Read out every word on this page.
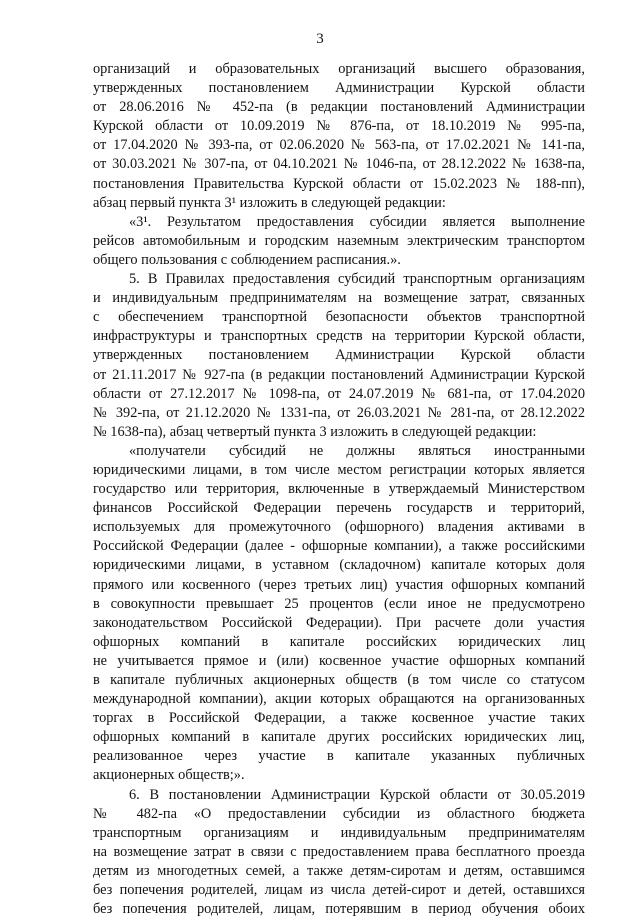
3

организаций и образовательных организаций высшего образования,
утвержденных постановлением Администрации Курской области
от 28.06.2016 № 452-па (в редакции постановлений Администрации
Курской области от 10.09.2019 № 876-па, от 18.10.2019 № 995-па,
от 17.04.2020 № 393-па, от 02.06.2020 № 563-па, от 17.02.2021 № 141-па,
от 30.03.2021 № 307-па, от 04.10.2021 № 1046-па, от 28.12.2022 № 1638-па,
постановления Правительства Курской области от 15.02.2023 № 188-пп),
абзац первый пункта 3¹ изложить в следующей редакции:

«3¹. Результатом предоставления субсидии является выполнение
рейсов автомобильным и городским наземным электрическим транспортом
общего пользования с соблюдением расписания.».

5. В Правилах предоставления субсидий транспортным организациям
и индивидуальным предпринимателям на возмещение затрат, связанных
с обеспечением транспортной безопасности объектов транспортной
инфраструктуры и транспортных средств на территории Курской области,
утвержденных постановлением Администрации Курской области
от 21.11.2017 № 927-па (в редакции постановлений Администрации Курской
области от 27.12.2017 № 1098-па, от 24.07.2019 № 681-па, от 17.04.2020
№ 392-па, от 21.12.2020 № 1331-па, от 26.03.2021 № 281-па, от 28.12.2022
№ 1638-па), абзац четвертый пункта 3 изложить в следующей редакции:

«получатели субсидий не должны являться иностранными
юридическими лицами, в том числе местом регистрации которых является
государство или территория, включенные в утверждаемый Министерством
финансов Российской Федерации перечень государств и территорий,
используемых для промежуточного (офшорного) владения активами в
Российской Федерации (далее - офшорные компании), а также российскими
юридическими лицами, в уставном (складочном) капитале которых доля
прямого или косвенного (через третьих лиц) участия офшорных компаний
в совокупности превышает 25 процентов (если иное не предусмотрено
законодательством Российской Федерации). При расчете доли участия
офшорных компаний в капитале российских юридических лиц
не учитывается прямое и (или) косвенное участие офшорных компаний
в капитале публичных акционерных обществ (в том числе со статусом
международной компании), акции которых обращаются на организованных
торгах в Российской Федерации, а также косвенное участие таких
офшорных компаний в капитале других российских юридических лиц,
реализованное через участие в капитале указанных публичных
акционерных обществ;».

6. В постановлении Администрации Курской области от 30.05.2019
№ 482-па «О предоставлении субсидии из областного бюджета
транспортным организациям и индивидуальным предпринимателям
на возмещение затрат в связи с предоставлением права бесплатного проезда
детям из многодетных семей, а также детям-сиротам и детям, оставшимся
без попечения родителей, лицам из числа детей-сирот и детей, оставшихся
без попечения родителей, лицам, потерявшим в период обучения обоих
